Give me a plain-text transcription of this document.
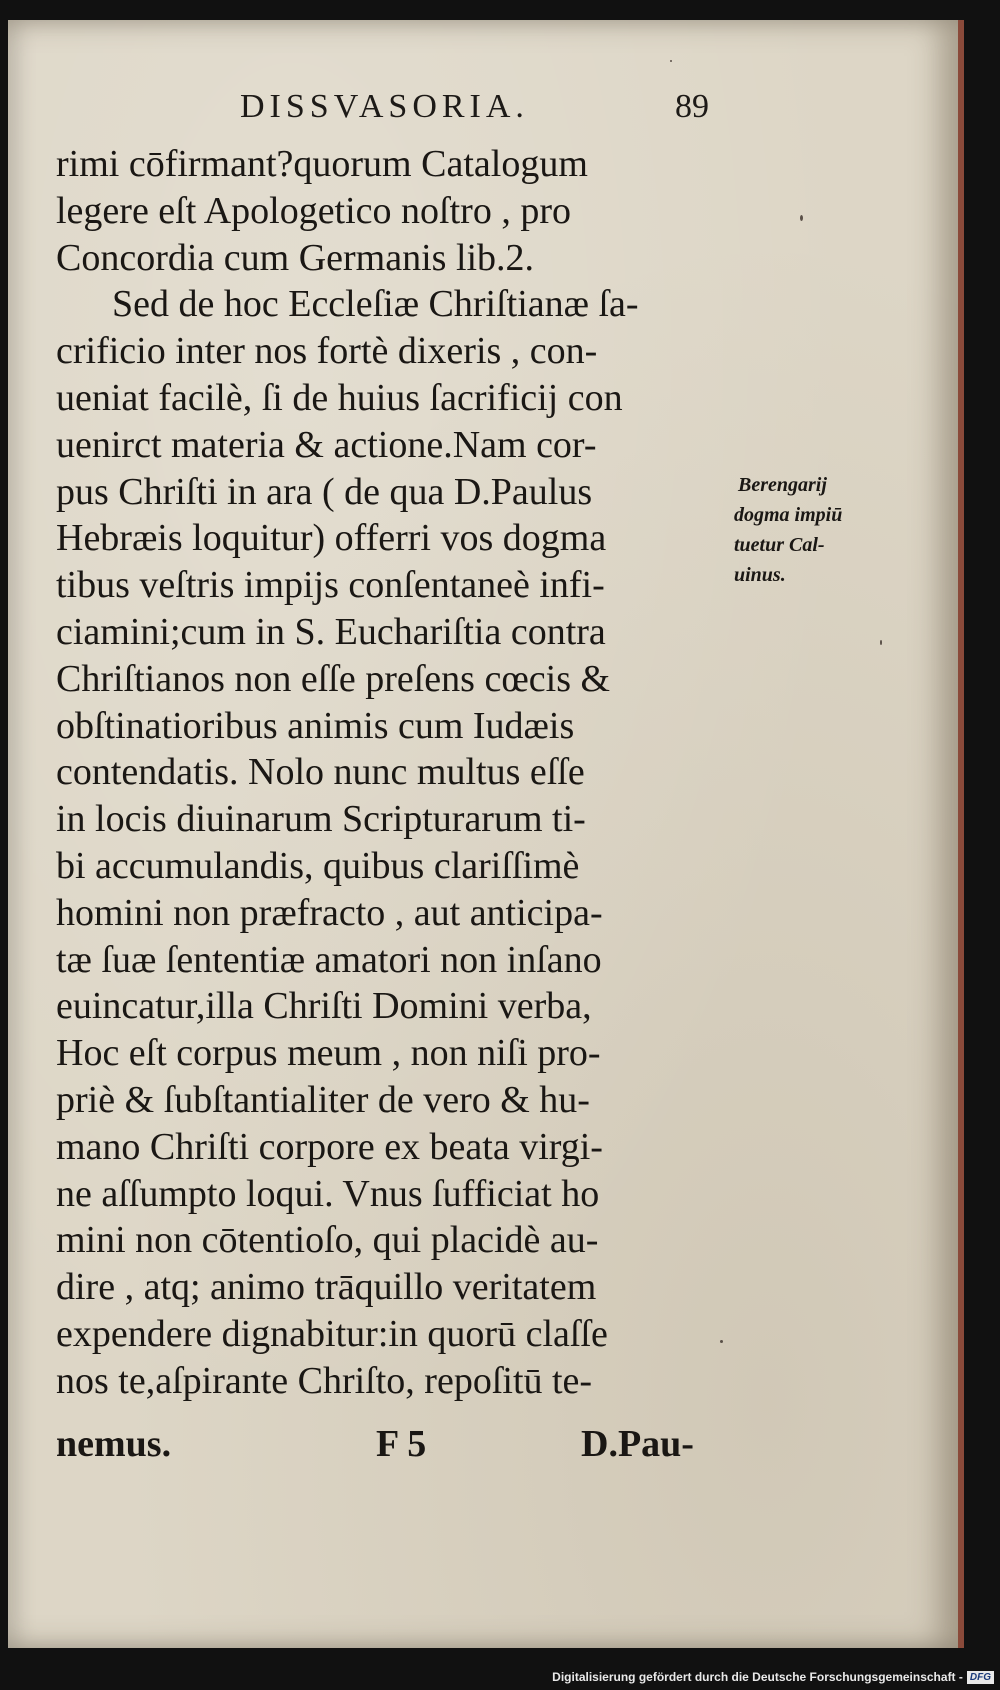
DISSVASORIA.	89
rimi cōfirmant?quorum Catalogum
legere eſt Apologetico noſtro , pro
Concordia cum Germanis lib.2.
Sed de hoc Eccleſiæ Chriſtianæ ſa-
crificio inter nos fortè dixeris , con-
ueniat facilè, ſi de huius ſacrificij con
uenirct materia & actione.Nam cor-
pus Chriſti in ara ( de qua D.Paulus
Hebræis loquitur) offerri vos dogma
tibus veſtris impijs conſentaneè infi-
ciamini;cum in S. Euchariſtia contra
Chriſtianos non eſſe preſens cœcis &
obſtinatioribus animis cum Iudæis
contendatis. Nolo nunc multus eſſe
in locis diuinarum Scripturarum ti-
bi accumulandis, quibus clariſſimè
homini non præfracto , aut anticipa-
tæ ſuæ ſententiæ amatori non inſano
euincatur,illa Chriſti Domini verba,
Hoc eſt corpus meum , non niſi pro-
priè & ſubſtantialiter de vero & hu-
mano Chriſti corpore ex beata virgi-
ne aſſumpto loqui. Vnus ſufficiat ho
mini non cōtentioſo, qui placidè au-
dire , atq; animo trāquillo veritatem
expendere dignabitur:in quorū claſſe
nos te,aſpirante Chriſto, repoſitū te-
nemus.	F 5	D.Pau-
Berengarij
dogma impiū
tuetur Cal-
uinus.
Digitalisierung gefördert durch die Deutsche Forschungsgemeinschaft - DFG
